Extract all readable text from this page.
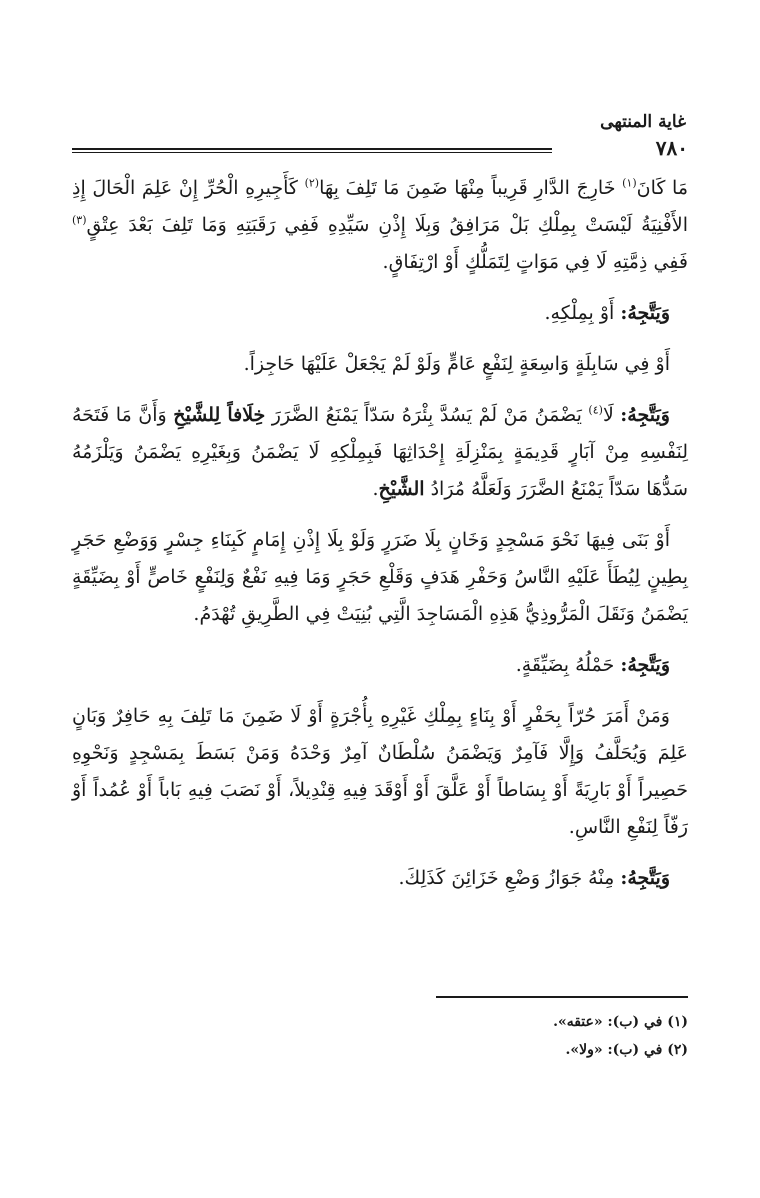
غاية المنتهى
٧٨٠

مَا كَانَ$^{(١)}$ خَارِجَ الدَّارِ قَرِيباً مِنْهَا ضَمِنَ مَا تَلِفَ بِهَا$^{(٢)}$ كَأَجِيرِهِ الْحُرِّ إِنْ عَلِمَ الْحَالَ إِذِ الأَفْنِيَةُ لَيْسَتْ بِمِلْكِ بَلْ مَرَافِقُ وَبِلَا إِذْنِ سَيِّدِهِ فَفِي رَقَبَتِهِ وَمَا تَلِفَ بَعْدَ عِتْقٍ$^{(٣)}$ فَفِي ذِمَّتِهِ لَا فِي مَوَاتٍ لِتَمَلُّكٍ أَوْ ارْتِفَاقٍ.

وَيَتَّجِهُ: أَوْ بِمِلْكِهِ.

أَوْ فِي سَابِلَةٍ وَاسِعَةٍ لِنَفْعٍ عَامٍّ وَلَوْ لَمْ يَجْعَلْ عَلَيْهَا حَاجِزاً.

وَيَتَّجِهُ: لَا$^{(٤)}$ يَضْمَنُ مَنْ لَمْ يَسُدَّ بِئْرَهُ سَدّاً يَمْنَعُ الضَّرَرَ خِلَافاً لِلشَّيْخِ وَأَنَّ مَا فَتَحَهُ لِنَفْسِهِ مِنْ آبَارٍ قَدِيمَةٍ بِمَنْزِلَةِ إِحْدَاثِهَا فَبِمِلْكِهِ لَا يَضْمَنُ وَبِغَيْرِهِ يَضْمَنُ وَيَلْزَمُهُ سَدُّهَا سَدّاً يَمْنَعُ الضَّرَرَ وَلَعَلَّهُ مُرَادُ الشَّيْخِ.

أَوْ بَنَى فِيهَا نَحْوَ مَسْجِدٍ وَخَانٍ بِلَا ضَرَرٍ وَلَوْ بِلَا إِذْنِ إِمَامٍ كَبِنَاءِ جِسْرٍ وَوَضْعِ حَجَرٍ بِطِينٍ لِيُطَأَ عَلَيْهِ النَّاسُ وَحَفْرِ هَدَفٍ وَقَلْعِ حَجَرٍ وَمَا فِيهِ نَفْعٌ وَلِنَفْعٍ خَاصٍّ أَوْ بِضَيِّقَةٍ يَضْمَنُ وَنَقَلَ الْمَرُّوذِيُّ هَذِهِ الْمَسَاجِدَ الَّتِي بُنِيَتْ فِي الطَّرِيقِ تُهْدَمُ.

وَيَتَّجِهُ: حَمْلُهُ بِضَيِّقَةٍ.

وَمَنْ أَمَرَ حُرّاً بِحَفْرٍ أَوْ بِنَاءٍ بِمِلْكِ غَيْرِهِ بِأُجْرَةٍ أَوْ لَا ضَمِنَ مَا تَلِفَ بِهِ حَافِرٌ وَبَانٍ عَلِمَ وَيُحَلَّفُ وَإِلَّا فَآمِرٌ وَيَضْمَنُ سُلْطَانٌ آمِرٌ وَحْدَهُ وَمَنْ بَسَطَ بِمَسْجِدٍ وَنَحْوِهِ حَصِيراً أَوْ بَارِيَةً أَوْ بِسَاطاً أَوْ عَلَّقَ أَوْ أَوْقَدَ فِيهِ قِنْدِيلاً، أَوْ نَصَبَ فِيهِ بَاباً أَوْ عُمُداً أَوْ رَفّاً لِنَفْعِ النَّاسِ.

وَيَتَّجِهُ: مِنْهُ جَوَازُ وَضْعِ خَزَائِنَ كَذَلِكَ.

(١) في (ب): «عتقه».
(٢) في (ب): «ولا».
